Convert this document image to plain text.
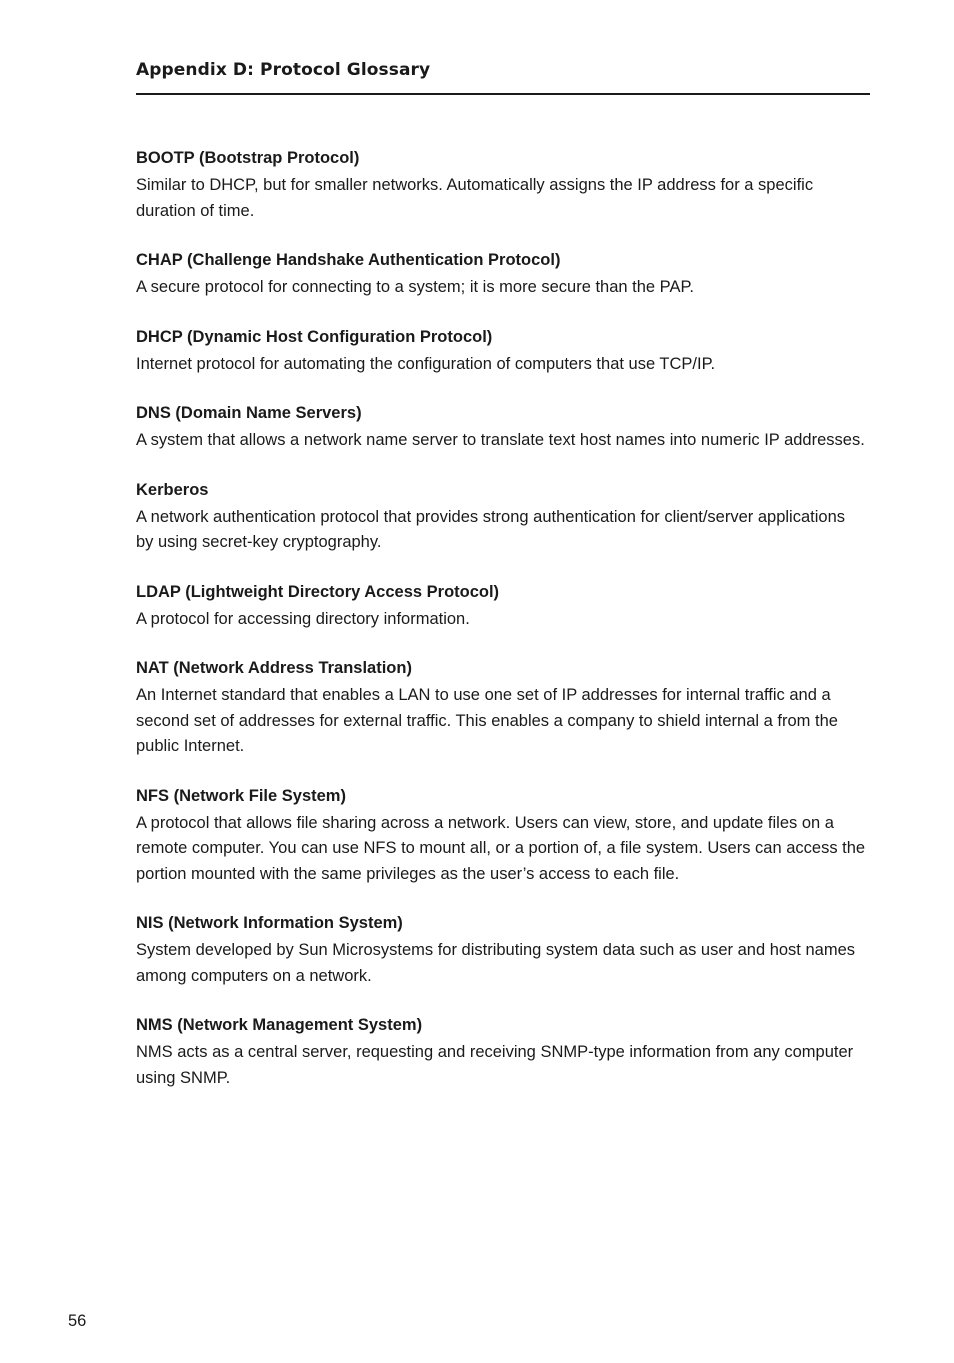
Appendix D: Protocol Glossary
BOOTP (Bootstrap Protocol)
Similar to DHCP, but for smaller networks. Automatically assigns the IP address for a specific duration of time.
CHAP (Challenge Handshake Authentication Protocol)
A secure protocol for connecting to a system; it is more secure than the PAP.
DHCP (Dynamic Host Configuration Protocol)
Internet protocol for automating the configuration of computers that use TCP/IP.
DNS (Domain Name Servers)
A system that allows a network name server to translate text host names into numeric IP addresses.
Kerberos
A network authentication protocol that provides strong authentication for client/server applications by using secret-key cryptography.
LDAP (Lightweight Directory Access Protocol)
A protocol for accessing directory information.
NAT (Network Address Translation)
An Internet standard that enables a LAN to use one set of IP addresses for internal traffic and a second set of addresses for external traffic. This enables a company to shield internal a from the public Internet.
NFS (Network File System)
A protocol that allows file sharing across a network. Users can view, store, and update files on a remote computer. You can use NFS to mount all, or a portion of, a file system. Users can access the portion mounted with the same privileges as the user’s access to each file.
NIS (Network Information System)
System developed by Sun Microsystems for distributing system data such as user and host names among computers on a network.
NMS (Network Management System)
NMS acts as a central server, requesting and receiving SNMP-type information from any computer using SNMP.
56
